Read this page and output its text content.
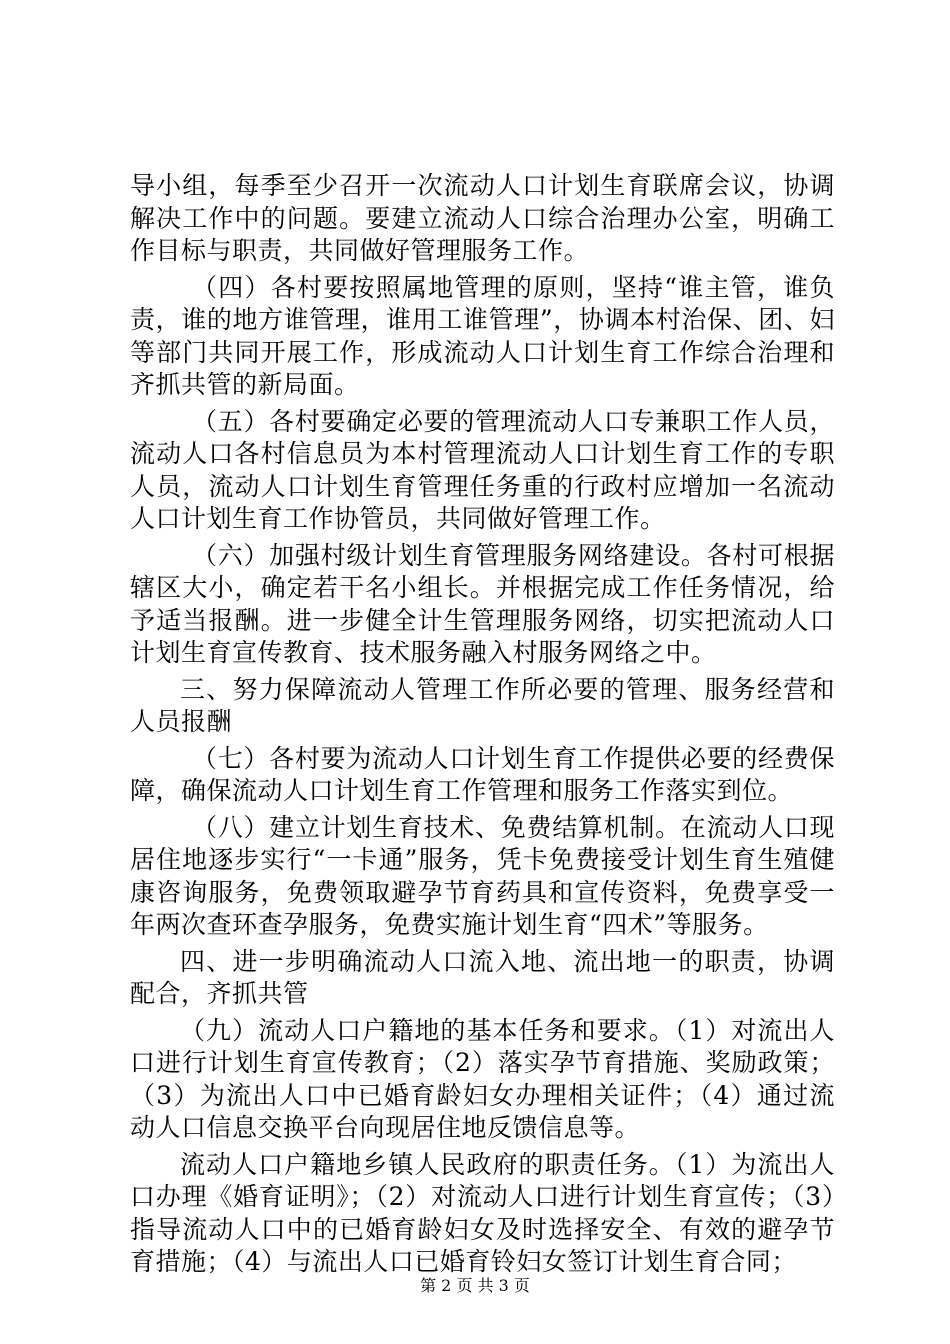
导小组，每季至少召开一次流动人口计划生育联席会议，协调解决工作中的问题。要建立流动人口综合治理办公室，明确工作目标与职责，共同做好管理服务工作。

（四）各村要按照属地管理的原则，坚持“谁主管，谁负责，谁的地方谁管理，谁用工谁管理”，协调本村治保、团、妇等部门共同开展工作，形成流动人口计划生育工作综合治理和齐抓共管的新局面。

（五）各村要确定必要的管理流动人口专兼职工作人员，流动人口各村信息员为本村管理流动人口计划生育工作的专职人员，流动人口计划生育管理任务重的行政村应增加一名流动人口计划生育工作协管员，共同做好管理工作。

（六）加强村级计划生育管理服务网络建设。各村可根据辖区大小，确定若干名小组长。并根据完成工作任务情况，给予适当报酬。进一步健全计生管理服务网络，切实把流动人口计划生育宣传教育、技术服务融入村服务网络之中。

三、努力保障流动人管理工作所必要的管理、服务经营和人员报酬

（七）各村要为流动人口计划生育工作提供必要的经费保障，确保流动人口计划生育工作管理和服务工作落实到位。

（八）建立计划生育技术、免费结算机制。在流动人口现居住地逐步实行“一卡通”服务，凭卡免费接受计划生育生殖健康咨询服务，免费领取避孕节育药具和宣传资料，免费享受一年两次查环查孕服务，免费实施计划生育“四术”等服务。

四、进一步明确流动人口流入地、流出地一的职责，协调配合，齐抓共管

（九）流动人口户籍地的基本任务和要求。（1）对流出人口进行计划生育宣传教育；（2）落实孕节育措施、奖励政策；（3）为流出人口中已婚育龄妇女办理相关证件；（4）通过流动人口信息交换平台向现居住地反馈信息等。

流动人口户籍地乡镇人民政府的职责任务。（1）为流出人口办理《婚育证明》；（2）对流动人口进行计划生育宣传；（3）指导流动人口中的已婚育龄妇女及时选择安全、有效的避孕节育措施；（4）与流出人口已婚育铃妇女签订计划生育合同；

第 2 页 共 3 页
